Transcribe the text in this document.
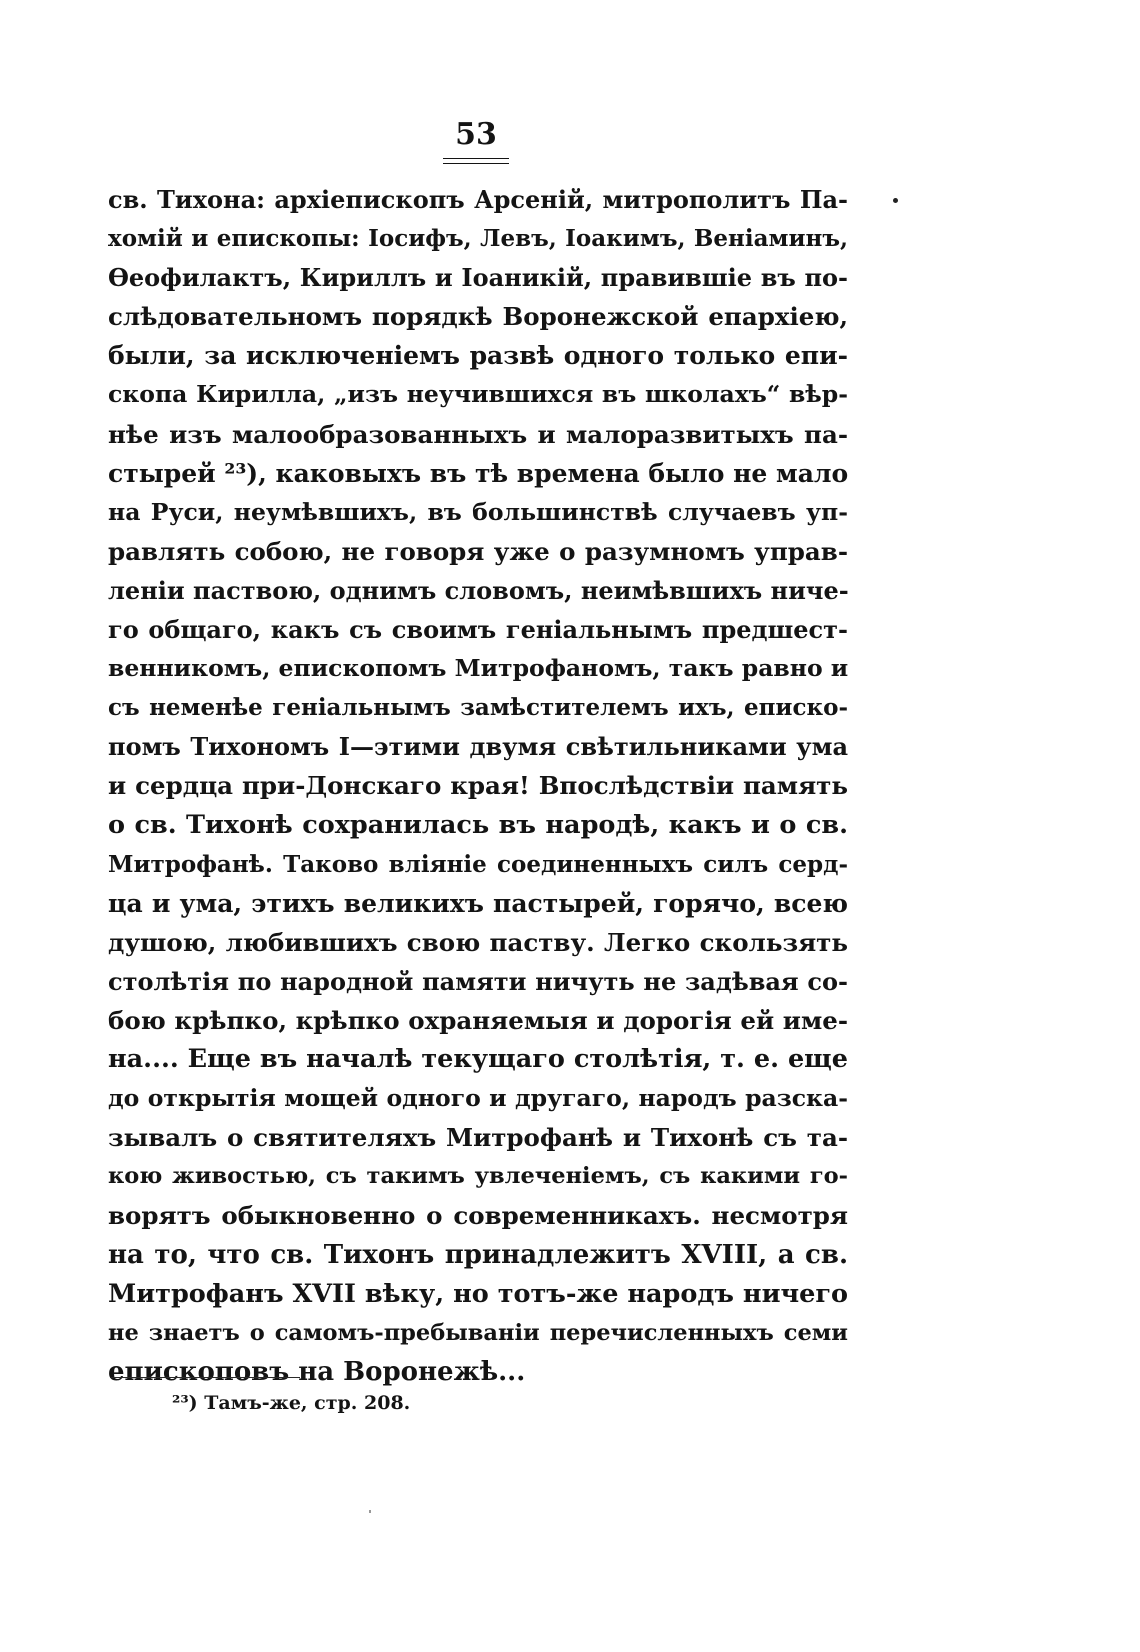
53
св. Тихона: архіепископъ Арсеній, митрополитъ Па-
хомій и епископы: Іосифъ, Левъ, Іоакимъ, Веніаминъ,
Өеофилактъ, Кириллъ и Іоаникій, правившіе въ по-
слѣдовательномъ порядкѣ Воронежской епархіею,
были, за исключеніемъ развѣ одного только епи-
скопа Кирилла, „изъ неучившихся въ школахъ“ вѣр-
нѣе изъ малообразованныхъ и малоразвитыхъ па-
стырей ²³), каковыхъ въ тѣ времена было не мало
на Руси, неумѣвшихъ, въ большинствѣ случаевъ уп-
равлять собою, не говоря уже о разумномъ управ-
леніи паствою, однимъ словомъ, неимѣвшихъ ниче-
го общаго, какъ съ своимъ геніальнымъ предшест-
венникомъ, епископомъ Митрофаномъ, такъ равно и
съ неменѣе геніальнымъ замѣстителемъ ихъ, еписко-
помъ Тихономъ I—этими двумя свѣтильниками ума
и сердца при-Донскаго края! Впослѣдствіи память
о св. Тихонѣ сохранилась въ народѣ, какъ и о св.
Митрофанѣ. Таково вліяніе соединенныхъ силъ серд-
ца и ума, этихъ великихъ пастырей, горячо, всею
душою, любившихъ свою паству. Легко скользять
столѣтія по народной памяти ничуть не задѣвая со-
бою крѣпко, крѣпко охраняемыя и дорогія ей име-
на.... Еще въ началѣ текущаго столѣтія, т. е. еще
до открытія мощей одного и другаго, народъ разска-
зывалъ о святителяхъ Митрофанѣ и Тихонѣ съ та-
кою живостью, съ такимъ увлеченіемъ, съ какими го-
ворятъ обыкновенно о современникахъ. несмотря
на то, что св. Тихонъ принадлежитъ XVIII, а св.
Митрофанъ XVII вѣку, но тотъ-же народъ ничего
не знаетъ о самомъ-пребываніи перечисленныхъ семи
епископовъ на Воронежѣ...
²³) Тамъ-же, стр. 208.
